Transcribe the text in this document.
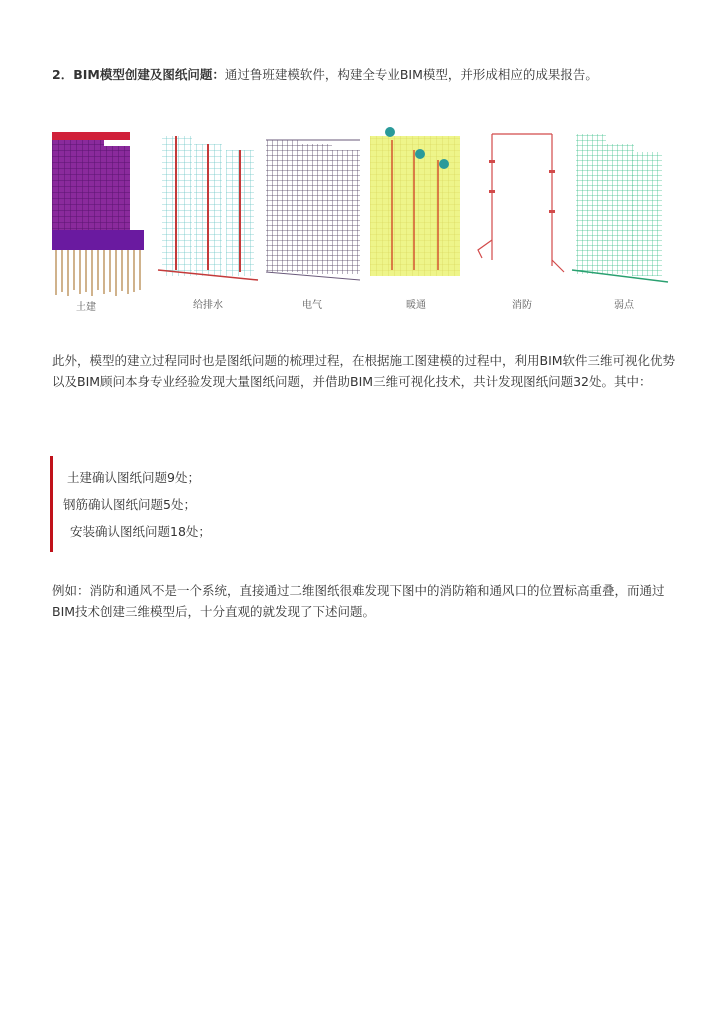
2．BIM模型创建及图纸问题：通过鲁班建模软件，构建全专业BIM模型，并形成相应的成果报告。
土建	给排水	电气	暖通	消防	弱点
此外，模型的建立过程同时也是图纸问题的梳理过程，在根据施工图建模的过程中，利用BIM软件三维可视化优势以及BIM顾问本身专业经验发现大量图纸问题，并借助BIM三维可视化技术，共计发现图纸问题32处。其中：
土建确认图纸问题9处；
钢筋确认图纸问题5处；
安装确认图纸问题18处；
例如：消防和通风不是一个系统，直接通过二维图纸很难发现下图中的消防箱和通风口的位置标高重叠，而通过BIM技术创建三维模型后，十分直观的就发现了下述问题。
